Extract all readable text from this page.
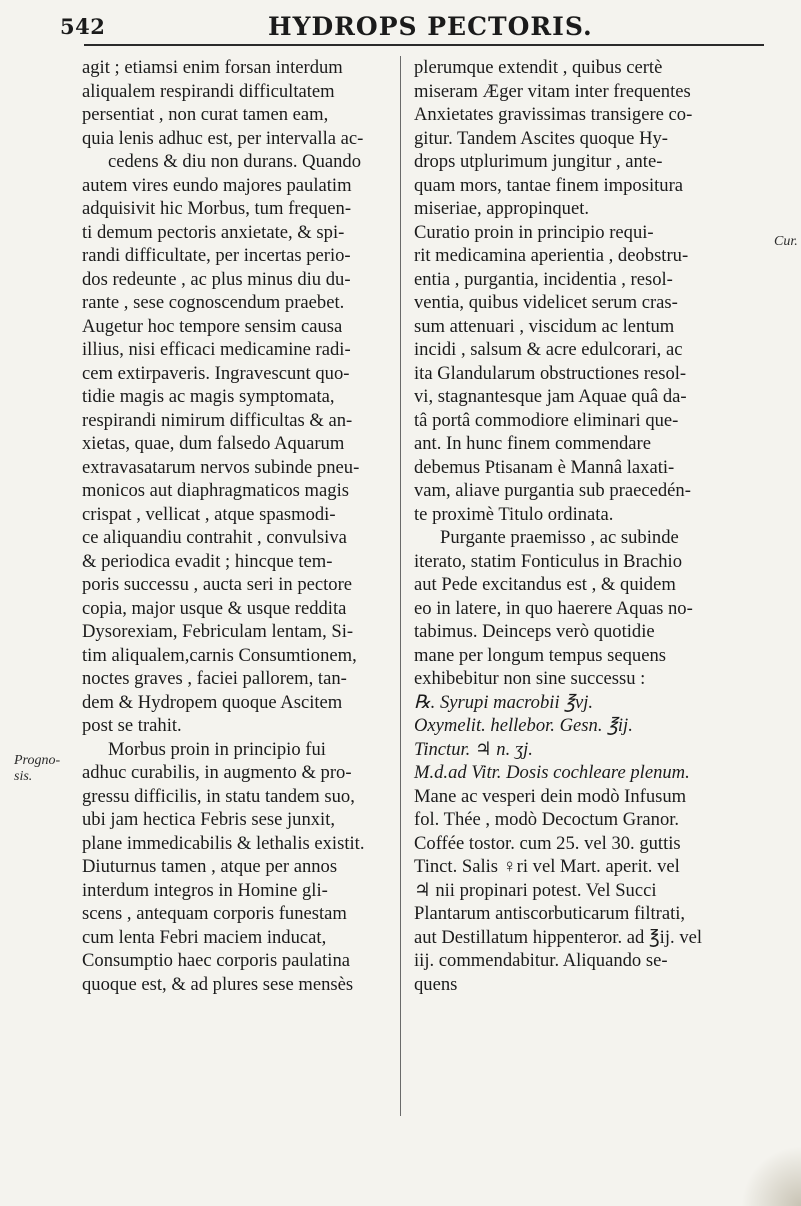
542	HYDROPS PECTORIS.
Progno-
sis.
Cur.
agit ; etiamsi enim forsan interdum
aliqualem respirandi difficultatem
persentiat , non curat tamen eam,
quia lenis adhuc est, per intervalla ac-
cedens & diu non durans. Quando
autem vires eundo majores paulatim
adquisivit hic Morbus, tum frequen-
ti demum pectoris anxietate, & spi-
randi difficultate, per incertas perio-
dos redeunte , ac plus minus diu du-
rante , sese cognoscendum praebet.
Augetur hoc tempore sensim causa
illius, nisi efficaci medicamine radi-
cem extirpaveris. Ingravescunt quo-
tidie magis ac magis symptomata,
respirandi nimirum difficultas & an-
xietas, quae, dum falsedo Aquarum
extravasatarum nervos subinde pneu-
monicos aut diaphragmaticos magis
crispat , vellicat , atque spasmodi-
ce aliquandiu contrahit , convulsiva
& periodica evadit ; hincque tem-
poris successu , aucta seri in pectore
copia, major usque & usque reddita
Dysorexiam, Febriculam lentam, Si-
tim aliqualem,carnis Consumtionem,
noctes graves , faciei pallorem, tan-
dem & Hydropem quoque Ascitem
post se trahit.
Morbus proin in principio fui
adhuc curabilis, in augmento & pro-
gressu difficilis, in statu tandem suo,
ubi jam hectica Febris sese junxit,
plane immedicabilis & lethalis existit.
Diuturnus tamen , atque per annos
interdum integros in Homine gli-
scens , antequam corporis funestam
cum lenta Febri maciem inducat,
Consumptio haec corporis paulatina
quoque est, & ad plures sese mensès
plerumque extendit , quibus certè
miseram Æger vitam inter frequentes
Anxietates gravissimas transigere co-
gitur. Tandem Ascites quoque Hy-
drops utplurimum jungitur , ante-
quam mors, tantae finem impositura
miseriae, appropinquet.
Curatio proin in principio requi-
rit medicamina aperientia , deobstru-
entia , purgantia, incidentia , resol-
ventia, quibus videlicet serum cras-
sum attenuari , viscidum ac lentum
incidi , salsum & acre edulcorari, ac
ita Glandularum obstructiones resol-
vi, stagnantesque jam Aquae quâ da-
tâ portâ commodiore eliminari que-
ant. In hunc finem commendare
debemus Ptisanam è Mannâ laxati-
vam, aliave purgantia sub praecedén-
te proximè Titulo ordinata.
Purgante praemisso , ac subinde
iterato, statim Fonticulus in Brachio
aut Pede excitandus est , & quidem
eo in latere, in quo haerere Aquas no-
tabimus. Deinceps verò quotidie
mane per longum tempus sequens
exhibebitur non sine successu :
℞. Syrupi macrobii ℥vj.
Oxymelit. hellebor. Gesn. ℥ij.
Tinctur. ♃ n. ʒj.
M.d.ad Vitr. Dosis cochleare plenum.
Mane ac vesperi dein modò Infusum
fol. Thée , modò Decoctum Granor.
Coffée tostor. cum 25. vel 30. guttis
Tinct. Salis ♀ri vel Mart. aperit. vel
♃ nii propinari potest. Vel Succi
Plantarum antiscorbuticarum filtrati,
aut Destillatum hippenteror. ad ℥ij. vel
iij. commendabitur. Aliquando se-
quens
